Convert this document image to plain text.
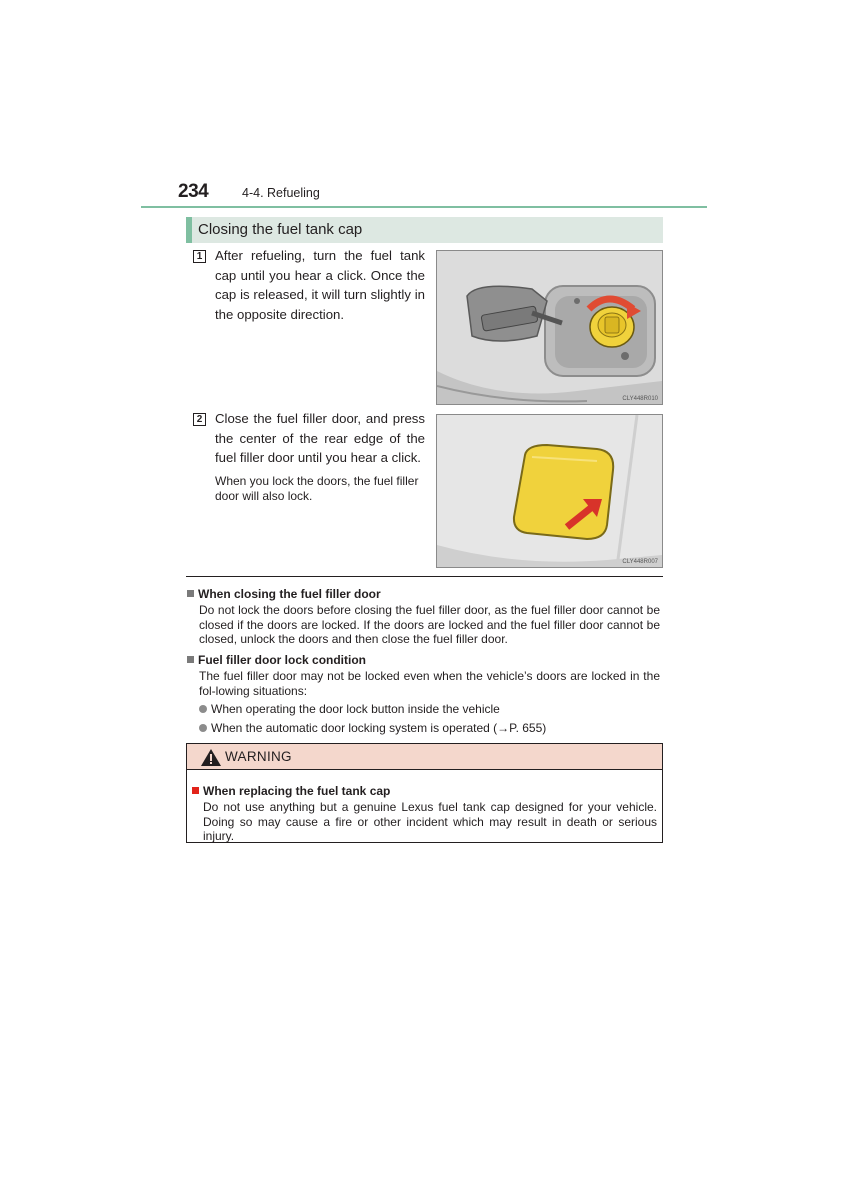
234	4-4. Refueling
Closing the fuel tank cap
1 After refueling, turn the fuel tank cap until you hear a click. Once the cap is released, it will turn slightly in the opposite direction.
CLY448R010
2 Close the fuel filler door, and press the center of the rear edge of the fuel filler door until you hear a click.
When you lock the doors, the fuel filler door will also lock.
CLY448R007
When closing the fuel filler door
Do not lock the doors before closing the fuel filler door, as the fuel filler door cannot be closed if the doors are locked. If the doors are locked and the fuel filler door cannot be closed, unlock the doors and then close the fuel filler door.
Fuel filler door lock condition
The fuel filler door may not be locked even when the vehicle’s doors are locked in the fol-lowing situations:
When operating the door lock button inside the vehicle
When the automatic door locking system is operated (→P. 655)
WARNING
When replacing the fuel tank cap
Do not use anything but a genuine Lexus fuel tank cap designed for your vehicle. Doing so may cause a fire or other incident which may result in death or serious injury.
